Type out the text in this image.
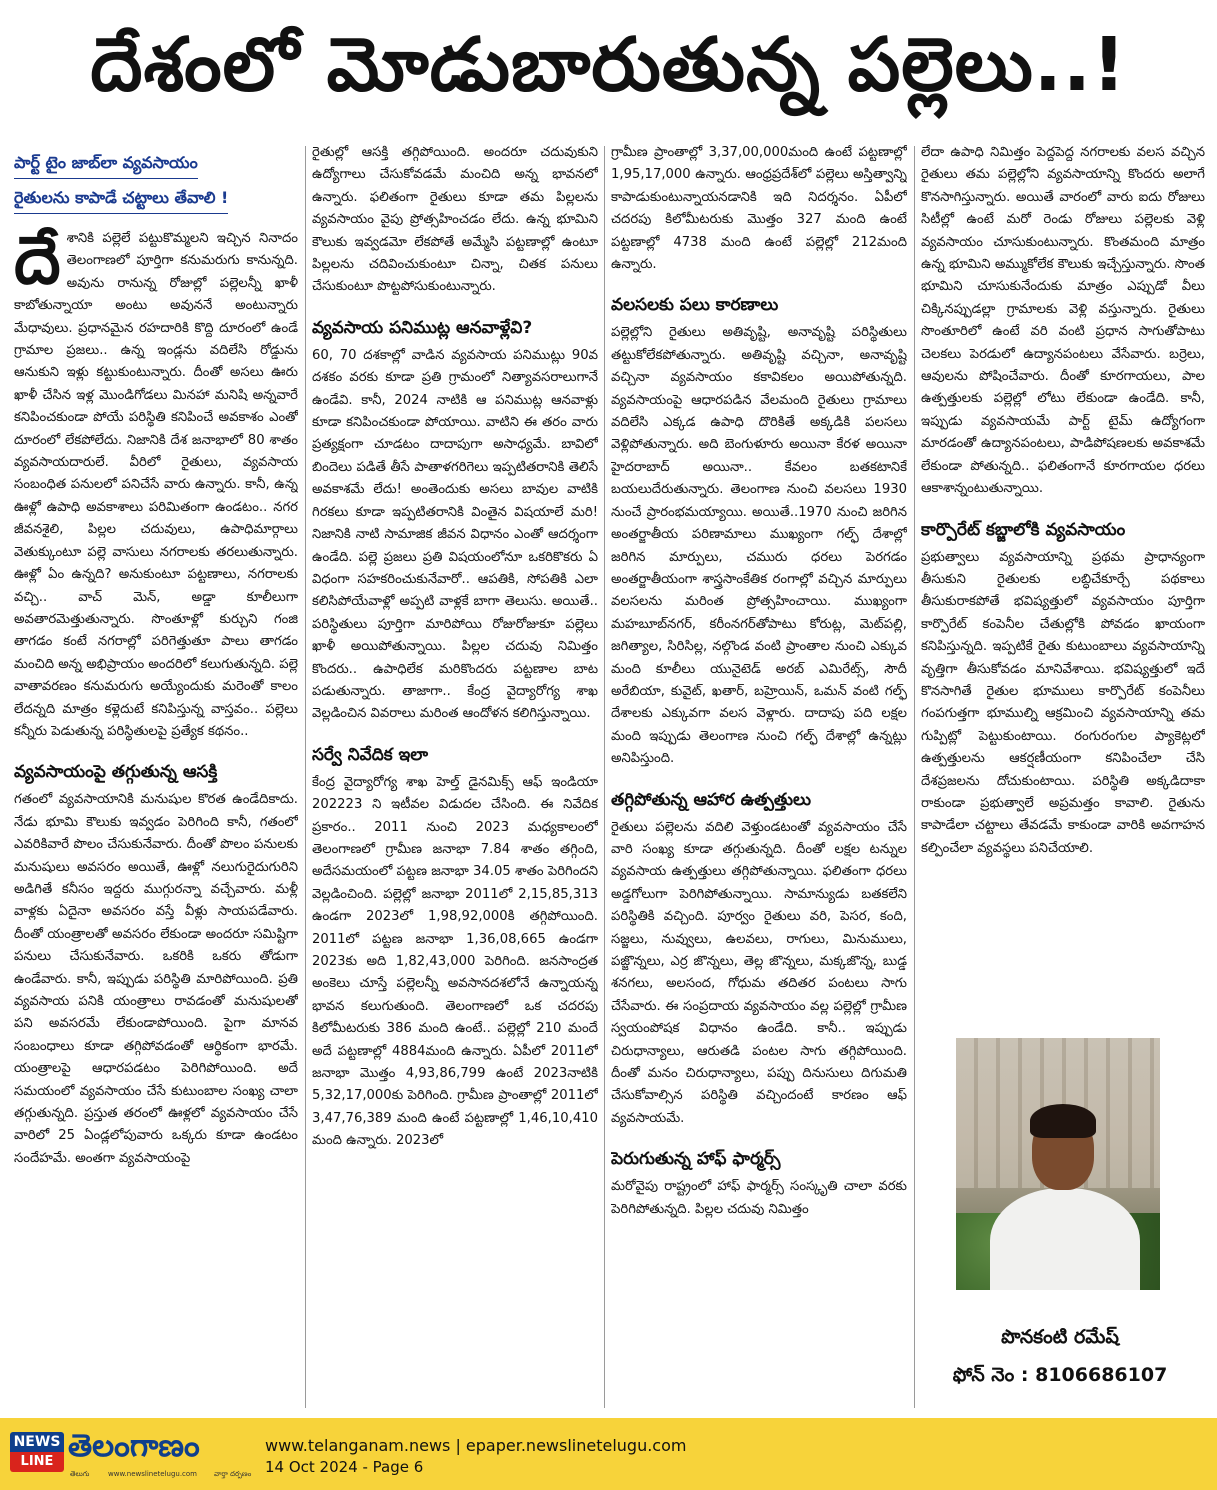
దేశంలో మోడుబారుతున్న పల్లెలు..!
పార్ట్ టైం జాబ్‌లా వ్యవసాయం
రైతులను కాపాడే చట్టాలు తేవాలి !

దేశానికి పల్లెలే పట్టుకొమ్మలని ఇచ్చిన నినాదం తెలంగాణలో పూర్తిగా కనుమరుగు కానున్నది. అవును రానున్న రోజుల్లో పల్లెలన్నీ ఖాళీ కాబోతున్నాయా అంటు అవుననే అంటున్నారు మేధావులు. ప్రధానమైన రహదారికి కొద్ది దూరంలో ఉండే గ్రామాల ప్రజలు.. ఉన్న ఇండ్లను వదిలేసి రోడ్డును ఆనుకుని ఇళ్లు కట్టుకుంటున్నారు. దీంతో అసలు ఊరు ఖాళీ చేసిన ఇళ్ల మొండిగోడలు మినహా మనిషి అన్నవారే కనిపించకుండా పోయే పరిస్థితి కనిపించే అవకాశం ఎంతో దూరంలో లేకపోలేదు. నిజానికి దేశ జనాభాలో 80 శాతం వ్యవసాయదారులే. వీరిలో రైతులు, వ్యవసాయ సంబంధిత పనులలో పనిచేసే వారు ఉన్నారు. కానీ, ఉన్న ఊళ్లో ఉపాధి అవకాశాలు పరిమితంగా ఉండటం.. నగర జీవనశైలి, పిల్లల చదువులు, ఉపాధిమార్గాలు వెతుక్కుంటూ పల్లె వాసులు నగరాలకు తరలుతున్నారు. ఊళ్లో ఏం ఉన్నది? అనుకుంటూ పట్టణాలు, నగరాలకు వచ్చి.. వాచ్ మెన్, అడ్డా కూలీలుగా అవతారమెత్తుతున్నారు. సొంతూళ్లో కుర్చుని గంజి తాగడం కంటే నగరాల్లో పరిగెత్తుతూ పాలు తాగడం మంచిది అన్న అభిప్రాయం అందరిలో కలుగుతున్నది. పల్లె వాతావరణం కనుమరుగు అయ్యేందుకు మరెంతో కాలం లేదన్నది మాత్రం కళ్లెదుటే కనిపిస్తున్న వాస్తవం.. పల్లెలు కన్నీరు పెడుతున్న పరిస్థితులపై ప్రత్యేక కథనం..

వ్యవసాయంపై తగ్గుతున్న ఆసక్తి

గతంలో వ్యవసాయానికి మనుషుల కొరత ఉండేదికాదు. నేడు భూమి కౌలుకు ఇవ్వడం పెరిగింది కానీ, గతంలో ఎవరికివారే పొలం చేసుకునేవారు. దీంతో పొలం పనులకు మనుషులు అవసరం అయితే, ఊళ్లో నలుగురైదుగురిని అడిగితే కనీసం ఇద్దరు ముగ్గురన్నా వచ్చేవారు. మళ్లీ వాళ్లకు ఏదైనా అవసరం వస్తే వీళ్లు సాయపడేవారు. దీంతో యంత్రాలతో అవసరం లేకుండా అందరూ సమిష్టిగా పనులు చేసుకునేవారు. ఒకరికి ఒకరు తోడుగా ఉండేవారు. కానీ, ఇప్పుడు పరిస్థితి మారిపోయింది. ప్రతి వ్యవసాయ పనికి యంత్రాలు రావడంతో మనుషులతో పని అవసరమే లేకుండాపోయింది. పైగా మానవ సంబంధాలు కూడా తగ్గిపోవడంతో ఆర్థికంగా భారమే. యంత్రాలపై ఆధారపడటం పెరిగిపోయింది. అదే సమయంలో వ్యవసాయం చేసే కుటుంబాల సంఖ్య చాలా తగ్గుతున్నది. ప్రస్తుత తరంలో ఊళ్లలో వ్యవసాయం చేసే వారిలో 25 ఏండ్లలోపువారు ఒక్కరు కూడా ఉండటం సందేహమే. అంతగా వ్యవసాయంపై

రైతుల్లో ఆసక్తి తగ్గిపోయింది. అందరూ చదువుకుని ఉద్యోగాలు చేసుకోవడమే మంచిది అన్న భావనలో ఉన్నారు. ఫలితంగా రైతులు కూడా తమ పిల్లలను వ్యవసాయం వైపు ప్రోత్సహించడం లేదు. ఉన్న భూమిని కౌలుకు ఇవ్వడమో లేకపోతే అమ్మేసి పట్టణాల్లో ఉంటూ పిల్లలను చదివించుకుంటూ చిన్నా, చితక పనులు చేసుకుంటూ పొట్టపోసుకుంటున్నారు.

వ్యవసాయ పనిముట్ల ఆనవాళ్లేవి?

60, 70 దశకాల్లో వాడిన వ్యవసాయ పనిముట్లు 90వ దశకం వరకు కూడా ప్రతి గ్రామంలో నిత్యావసరాలుగానే ఉండేవి. కానీ, 2024 నాటికి ఆ పనిముట్ల ఆనవాళ్లు కూడా కనిపించకుండా పోయాయి. వాటిని ఈ తరం వారు ప్రత్యక్షంగా చూడటం దాదాపుగా అసాధ్యమే. బావిలో బిందెలు పడితే తీసే పాతాళగరిగెలు ఇప్పటితరానికి తెలిసే అవకాశమే లేదు! అంతెందుకు అసలు బావుల వాటికి గిరకలు కూడా ఇప్పటితరానికి వింతైన విషయాలే మరి! నిజానికి నాటి సామాజిక జీవన విధానం ఎంతో ఆదర్శంగా ఉండేది. పల్లె ప్రజలు ప్రతి విషయంలోనూ ఒకరికొకరు ఏ విధంగా సహకరించుకునేవారో.. ఆపతికి, సోపతికి ఎలా కలిసిపోయేవాళ్లో అప్పటి వాళ్లకే బాగా తెలుసు. అయితే.. పరిస్థితులు పూర్తిగా మారిపోయి రోజురోజుకూ పల్లెలు ఖాళీ అయిపోతున్నాయి. పిల్లల చదువు నిమిత్తం కొందరు.. ఉపాధిలేక మరికొందరు పట్టణాల బాట పడుతున్నారు. తాజాగా.. కేంద్ర వైద్యారోగ్య శాఖ వెల్లడించిన వివరాలు మరింత ఆందోళన కలిగిస్తున్నాయి.

సర్వే నివేదిక ఇలా

కేంద్ర వైద్యారోగ్య శాఖ హెల్త్ డైనమిక్స్ ఆఫ్ ఇండియా 202223 ని ఇటీవల విడుదల చేసింది. ఈ నివేదిక ప్రకారం.. 2011 నుంచి 2023 మధ్యకాలంలో తెలంగాణలో గ్రామీణ జనాభా 7.84 శాతం తగ్గింది, అదేసమయంలో పట్టణ జనాభా 34.05 శాతం పెరిగిందని వెల్లడించింది. పల్లెల్లో జనాభా 2011లో 2,15,85,313 ఉండగా 2023లో 1,98,92,000కి తగ్గిపోయింది. 2011లో పట్టణ జనాభా 1,36,08,665 ఉండగా 2023కు అది 1,82,43,000 పెరిగింది. జనసాంద్రత అంకెలు చూస్తే పల్లెలన్నీ అవసానదశలోనే ఉన్నాయన్న భావన కలుగుతుంది. తెలంగాణలో ఒక చదరపు కిలోమీటరుకు 386 మంది ఉంటే.. పల్లెల్లో 210 మందే అదే పట్టణాల్లో 4884మంది ఉన్నారు. ఏపీలో 2011లో జనాభా మొత్తం 4,93,86,799 ఉంటే 2023నాటికి 5,32,17,000కు పెరిగింది. గ్రామీణ ప్రాంతాల్లో 2011లో 3,47,76,389 మంది ఉంటే పట్టణాల్లో 1,46,10,410 మంది ఉన్నారు. 2023లో

గ్రామీణ ప్రాంతాల్లో 3,37,00,000మంది ఉంటే పట్టణాల్లో 1,95,17,000 ఉన్నారు. ఆంధ్రప్రదేశ్‌లో పల్లెలు అస్తిత్వాన్ని కాపాడుకుంటున్నాయనడానికి ఇది నిదర్శనం. ఏపీలో చదరపు కిలోమీటరుకు మొత్తం 327 మంది ఉంటే పట్టణాల్లో 4738 మంది ఉంటే పల్లెల్లో 212మంది ఉన్నారు.

వలసలకు పలు కారణాలు

పల్లెల్లోని రైతులు అతివృష్టి, అనావృష్టి పరిస్థితులు తట్టుకోలేకపోతున్నారు. అతివృష్టి వచ్చినా, అనావృష్టి వచ్చినా వ్యవసాయం కకావికలం అయిపోతున్నది. వ్యవసాయంపై ఆధారపడిన వేలమంది రైతులు గ్రామాలు వదిలేసి ఎక్కడ ఉపాధి దొరికితే అక్కడికి పలసలు వెళ్లిపోతున్నారు. అది బెంగుళూరు అయినా కేరళ అయినా హైదరాబాద్ అయినా.. కేవలం బతకటానికే బయలుదేరుతున్నారు. తెలంగాణ నుంచి వలసలు 1930 నుంచే ప్రారంభమయ్యాయి. అయితే..1970 నుంచి జరిగిన అంతర్జాతీయ పరిణామాలు ముఖ్యంగా గల్ఫ్ దేశాల్లో జరిగిన మార్పులు, చమురు ధరలు పెరగడం అంతర్జాతీయంగా శాస్త్రసాంకేతిక రంగాల్లో వచ్చిన మార్పులు వలసలను మరింత ప్రోత్సహించాయి. ముఖ్యంగా మహబూబ్‌నగర్, కరీంనగర్‌తోపాటు కోరుట్ల, మెట్‌పల్లి, జగిత్యాల, సిరిసిల్ల, నల్గొండ వంటి ప్రాంతాల నుంచి ఎక్కువ మంది కూలీలు యునైటెడ్ అరబ్ ఎమిరేట్స్, సౌదీ అరేబియా, కువైట్, ఖతార్, బహ్రెయిన్, ఒమన్ వంటి గల్ఫ్ దేశాలకు ఎక్కువగా వలస వెళ్లారు. దాదాపు పది లక్షల మంది ఇప్పుడు తెలంగాణ నుంచి గల్ఫ్ దేశాల్లో ఉన్నట్లు అనిపిస్తుంది.

తగ్గిపోతున్న ఆహార ఉత్పత్తులు

రైతులు పల్లెలను వదిలి వెళ్తుండటంతో వ్యవసాయం చేసే వారి సంఖ్య కూడా తగ్గుతున్నది. దీంతో లక్షల టన్నుల వ్యవసాయ ఉత్పత్తులు తగ్గిపోతున్నాయి. ఫలితంగా ధరలు అడ్డగోలుగా పెరిగిపోతున్నాయి. సామాన్యుడు బతకలేని పరిస్థితికి వచ్చింది. పూర్వం రైతులు వరి, పెసర, కంది, సజ్జలు, నువ్వులు, ఉలవలు, రాగులు, మినుములు, పజ్జొన్నలు, ఎర్ర జొన్నలు, తెల్ల జొన్నలు, మక్కజొన్న, బుడ్డ శనగలు, అలసంద, గోధుమ తదితర పంటలు సాగు చేసేవారు. ఈ సంప్రదాయ వ్యవసాయం వల్ల పల్లెల్లో గ్రామీణ స్వయంపోషక విధానం ఉండేది. కానీ.. ఇప్పుడు చిరుధాన్యాలు, ఆరుతడి పంటల సాగు తగ్గిపోయింది. దీంతో మనం చిరుధాన్యాలు, పప్పు దినుసులు దిగుమతి చేసుకోవాల్సిన పరిస్థితి వచ్చిందంటే కారణం ఆఫ్ వ్యవసాయమే.

పెరుగుతున్న హాఫ్ ఫార్మర్స్

మరోవైపు రాష్ట్రంలో హాఫ్ ఫార్మర్స్ సంస్కృతి చాలా వరకు పెరిగిపోతున్నది. పిల్లల చదువు నిమిత్తం

లేదా ఉపాధి నిమిత్తం పెద్దపెద్ద నగరాలకు వలస వచ్చిన రైతులు తమ పల్లెల్లోని వ్యవసాయాన్ని కొందరు అలాగే కొనసాగిస్తున్నారు. అయితే వారంలో వారు ఐదు రోజులు సిటీల్లో ఉంటే మరో రెండు రోజులు పల్లెలకు వెళ్లి వ్యవసాయం చూసుకుంటున్నారు. కొంతమంది మాత్రం ఉన్న భూమిని అమ్ముకోలేక కౌలుకు ఇచ్చేస్తున్నారు. సొంత భూమిని చూసుకునేందుకు మాత్రం ఎప్పుడో వీలు చిక్కినప్పుడల్లా గ్రామాలకు వెళ్లి వస్తున్నారు. రైతులు సొంతూరిలో ఉంటే వరి వంటి ప్రధాన సాగుతోపాటు చెలకలు పెరడులో ఉద్యానపంటలు వేసేవారు. బర్రెలు, ఆవులను పోషించేవారు. దీంతో కూరగాయలు, పాల ఉత్పత్తులకు పల్లెల్లో లోటు లేకుండా ఉండేది. కానీ, ఇప్పుడు వ్యవసాయమే పార్ట్ టైమ్ ఉద్యోగంగా మారడంతో ఉద్యానపంటలు, పాడిపోషణలకు అవకాశమే లేకుండా పోతున్నది.. ఫలితంగానే కూరగాయల ధరలు ఆకాశాన్నంటుతున్నాయి.

కార్పొరేట్ కబ్జాలోకి వ్యవసాయం

ప్రభుత్వాలు వ్యవసాయాన్ని ప్రథమ ప్రాధాన్యంగా తీసుకుని రైతులకు లబ్ధిచేకూర్చే పథకాలు తీసుకురాకపోతే భవిష్యత్తులో వ్యవసాయం పూర్తిగా కార్పొరేట్ కంపెనీల చేతుల్లోకి పోవడం ఖాయంగా కనిపిస్తున్నది. ఇప్పటికే రైతు కుటుంబాలు వ్యవసాయాన్ని వృత్తిగా తీసుకోవడం మానివేశాయి. భవిష్యత్తులో ఇదే కొనసాగితే రైతుల భూములు కార్పొరేట్ కంపెనీలు గంపగుత్తగా భూముల్ని ఆక్రమించి వ్యవసాయాన్ని తమ గుప్పిట్లో పెట్టుకుంటాయి. రంగురంగుల ప్యాకెట్లలో ఉత్పత్తులను ఆకర్షణీయంగా కనిపించేలా చేసి దేశప్రజలను దోచుకుంటాయి. పరిస్థితి అక్కడిదాకా రాకుండా ప్రభుత్వాలే అప్రమత్తం కావాలి. రైతును కాపాడేలా చట్టాలు తేవడమే కాకుండా వారికి అవగాహన కల్పించేలా వ్యవస్థలు పనిచేయాలి.

పొనకంటి రమేష్
ఫోన్ నెం : 8106686107
NEWS
LINE తెలంగాణం
తెలుగు	www.newslinetelugu.com వార్తా దర్పణం
www.telanganam.news | epaper.newslinetelugu.com
14 Oct 2024 - Page 6
